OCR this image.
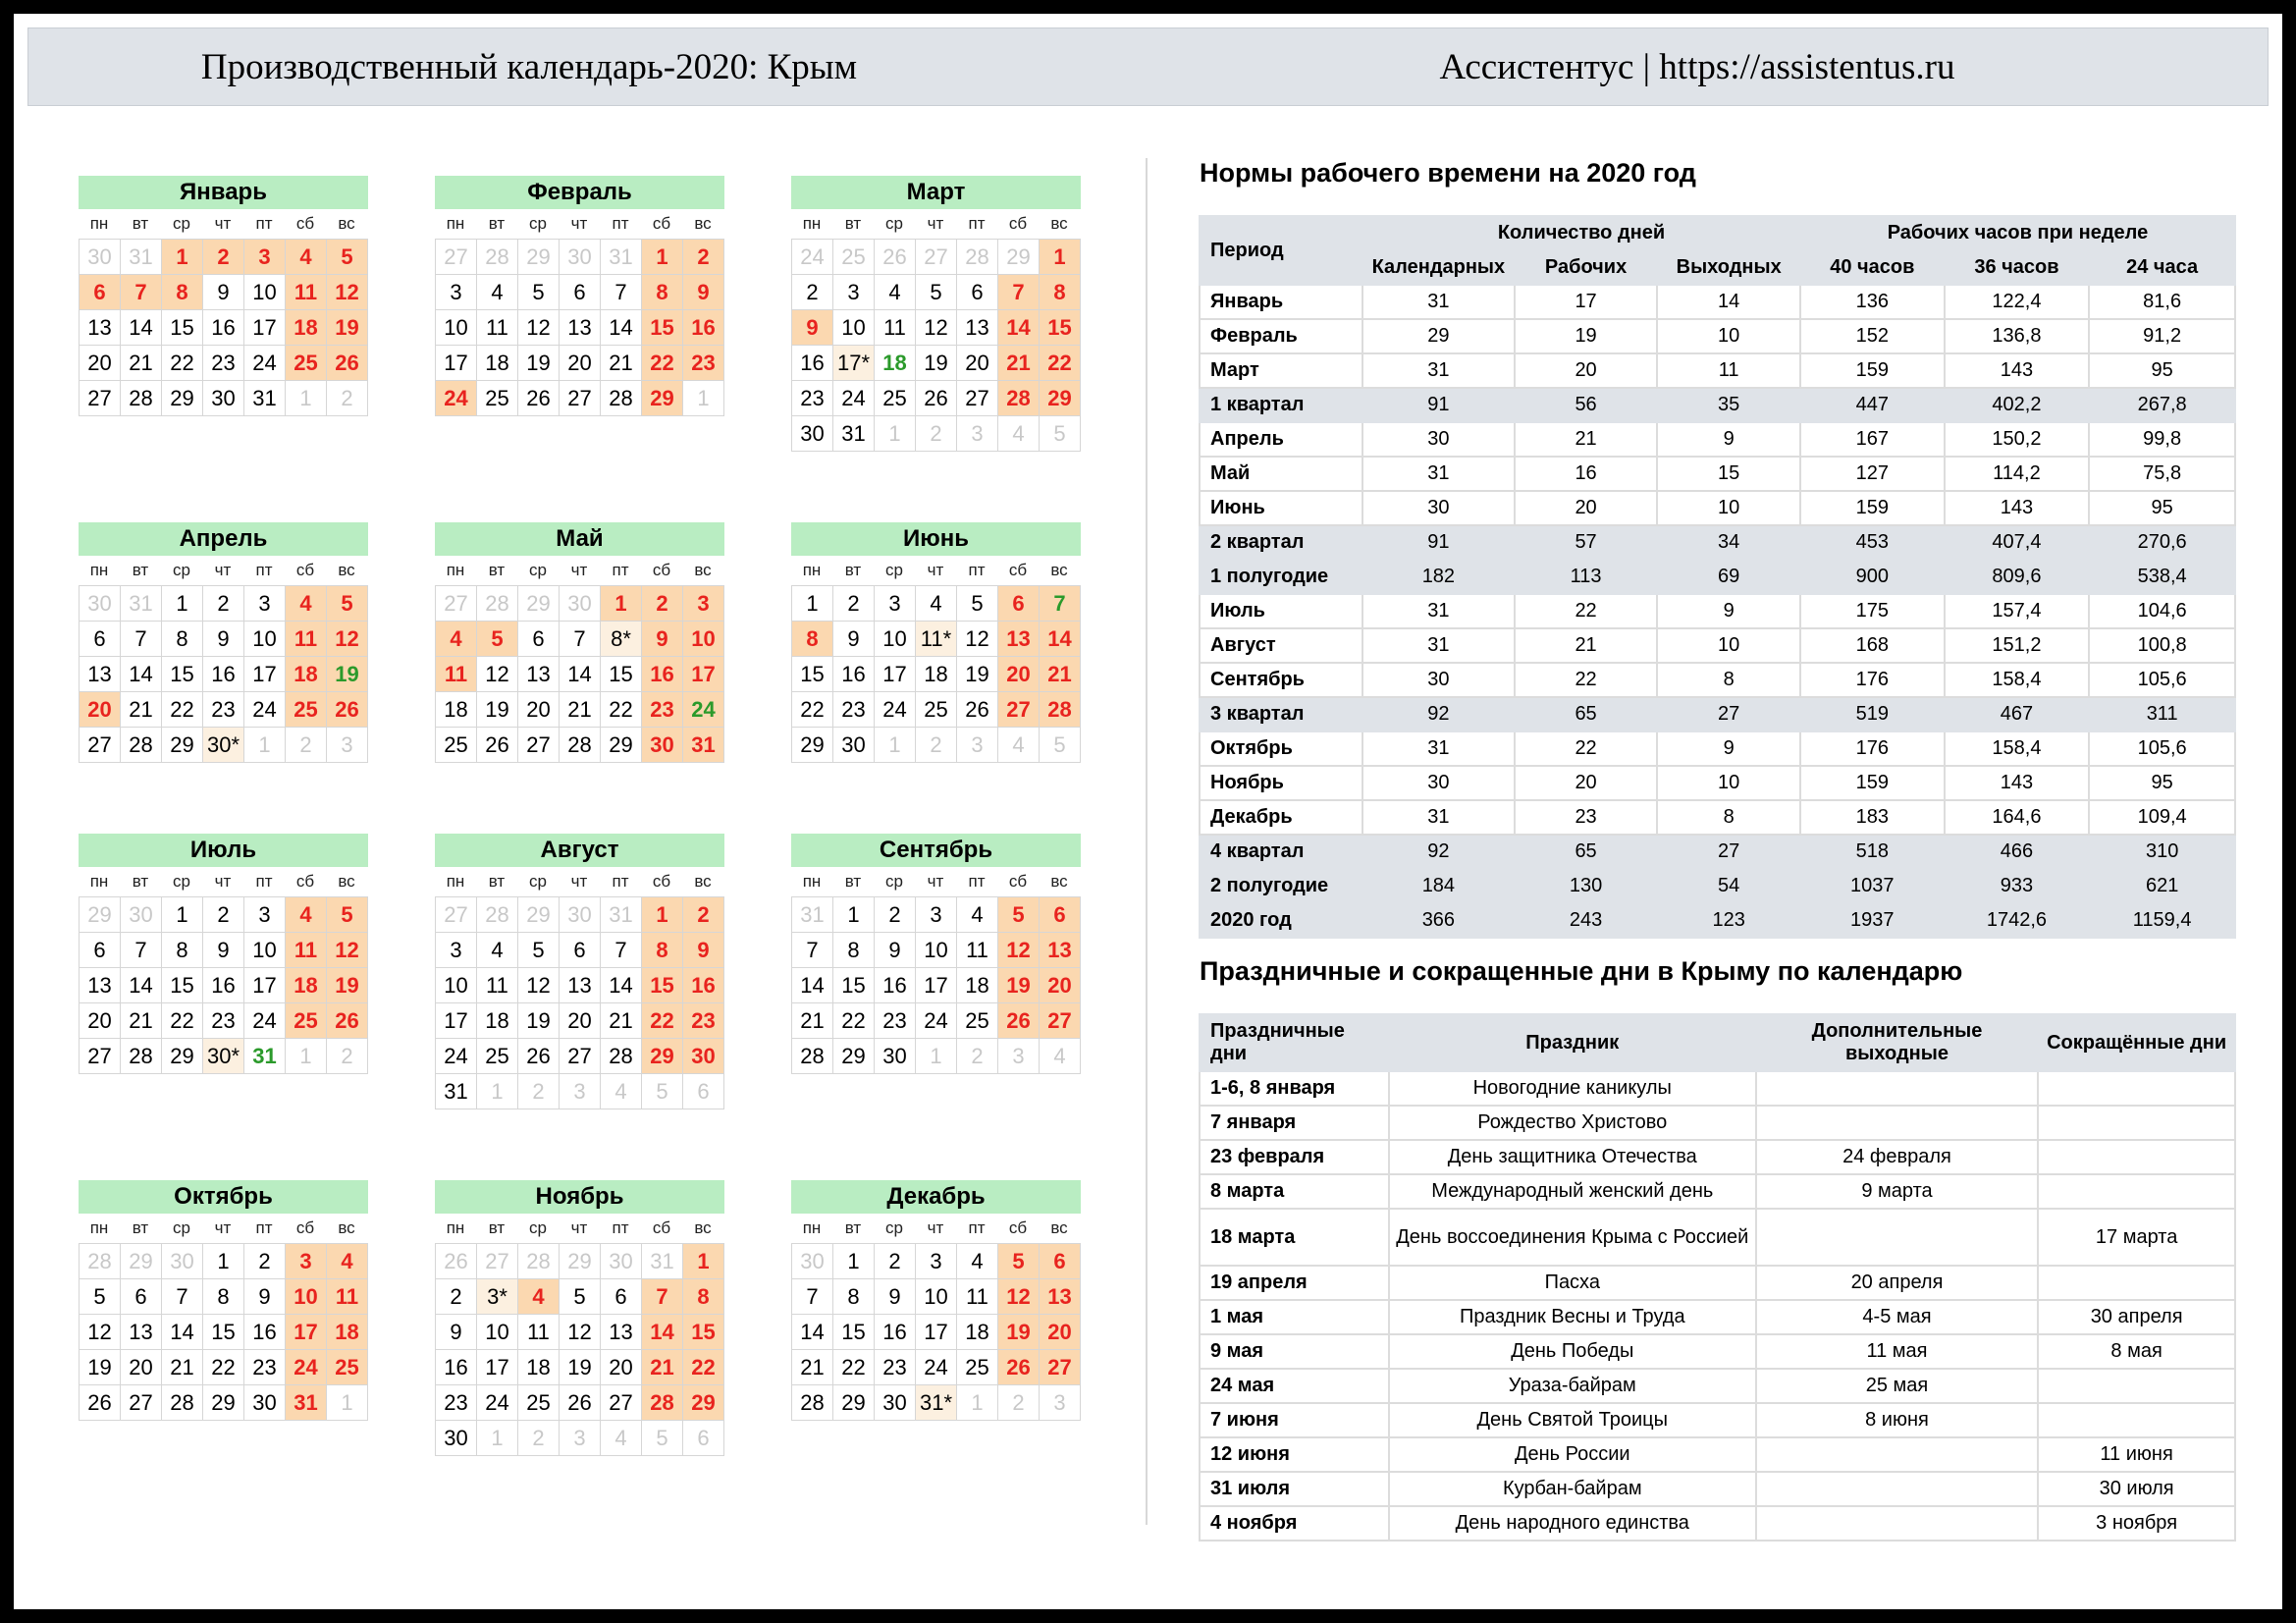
Производственный календарь-2020: Крым	Ассистентус | https://assistentus.ru
Январь
пн	вт	ср	чт	пт	сб	вс
30 31	1	2	3	4	5
6	7	8	9	10 11 12
13 14 15 16 17 18 19
20 21 22 23 24 25 26
27 28 29 30 31	1	2
Февраль
пн	вт	ср	чт	пт	сб	вс
27 28 29 30 31	1	2
3	4	5	6	7	8	9
10 11 12 13 14 15 16
17 18 19 20 21 22 23
24 25 26 27 28 29	1
Март
пн	вт	ср	чт	пт	сб	вс
24 25 26 27 28 29	1
2	3	4	5	6	7	8
9	10 11 12 13 14 15
16 17* 18 19 20 21 22
23 24 25 26 27 28 29
30 31	1	2	3	4	5
Апрель
пн	вт	ср	чт	пт	сб	вс
30 31	1	2	3	4	5
6	7	8	9	10 11 12
13 14 15 16 17 18 19
20 21 22 23 24 25 26
27 28 29 30* 1	2	3
Май
пн	вт	ср	чт	пт	сб	вс
27 28 29 30	1	2	3
4	5	6	7	8*	9	10
11 12 13 14 15 16 17
18 19 20 21 22 23 24
25 26 27 28 29 30 31
Июнь
пн	вт	ср	чт	пт	сб	вс
1	2	3	4	5	6	7
8	9	10 11* 12 13 14
15 16 17 18 19 20 21
22 23 24 25 26 27 28
29 30	1	2	3	4	5
Июль
пн	вт	ср	чт	пт	сб	вс
29 30	1	2	3	4	5
6	7	8	9	10 11 12
13 14 15 16 17 18 19
20 21 22 23 24 25 26
27 28 29 30* 31	1	2
Август
пн	вт	ср	чт	пт	сб	вс
27 28 29 30 31	1	2
3	4	5	6	7	8	9
10 11 12 13 14 15 16
17 18 19 20 21 22 23
24 25 26 27 28 29 30
31	1	2	3	4	5	6
Сентябрь
пн	вт	ср	чт	пт	сб	вс
31	1	2	3	4	5	6
7	8	9	10 11 12 13
14 15 16 17 18 19 20
21 22 23 24 25 26 27
28 29 30	1	2	3	4
Октябрь
пн	вт	ср	чт	пт	сб	вс
28 29 30	1	2	3	4
5	6	7	8	9	10 11
12 13 14 15 16 17 18
19 20 21 22 23 24 25
26 27 28 29 30 31	1
Ноябрь
пн	вт	ср	чт	пт	сб	вс
26 27 28 29 30 31	1
2	3*	4	5	6	7	8
9	10 11 12 13 14 15
16 17 18 19 20 21 22
23 24 25 26 27 28 29
30	1	2	3	4	5	6
Декабрь
пн	вт	ср	чт	пт	сб	вс
30	1	2	3	4	5	6
7	8	9	10 11 12 13
14 15 16 17 18 19 20
21 22 23 24 25 26 27
28 29 30 31* 1	2	3
Нормы рабочего времени на 2020 год
Период	Количество дней			Рабочих часов при неделе		
	Календарных	Рабочих	Выходных	40 часов	36 часов	24 часа
Январь	31	17	14	136	122,4	81,6
Февраль	29	19	10	152	136,8	91,2
Март	31	20	11	159	143	95
1 квартал	91	56	35	447	402,2	267,8
Апрель	30	21	9	167	150,2	99,8
Май	31	16	15	127	114,2	75,8
Июнь	30	20	10	159	143	95
2 квартал	91	57	34	453	407,4	270,6
1 полугодие	182	113	69	900	809,6	538,4
Июль	31	22	9	175	157,4	104,6
Август	31	21	10	168	151,2	100,8
Сентябрь	30	22	8	176	158,4	105,6
3 квартал	92	65	27	519	467	311
Октябрь	31	22	9	176	158,4	105,6
Ноябрь	30	20	10	159	143	95
Декабрь	31	23	8	183	164,6	109,4
4 квартал	92	65	27	518	466	310
2 полугодие	184	130	54	1037	933	621
2020 год	366	243	123	1937	1742,6	1159,4
Праздничные и сокращенные дни в Крыму по календарю
Праздничные дни	Праздник	Дополнительные выходные	Сокращённые дни
1-6, 8 января	Новогодние каникулы		
7 января	Рождество Христово		
23 февраля	День защитника Отечества	24 февраля	
8 марта	Международный женский день	9 марта	
18 марта	День воссоединения Крыма с Россией		17 марта
19 апреля	Пасха	20 апреля	
1 мая	Праздник Весны и Труда	4-5 мая	30 апреля
9 мая	День Победы	11 мая	8 мая
24 мая	Ураза-байрам	25 мая	
7 июня	День Святой Троицы	8 июня	
12 июня	День России		11 июня
31 июля	Курбан-байрам		30 июля
4 ноября	День народного единства		3 ноября
